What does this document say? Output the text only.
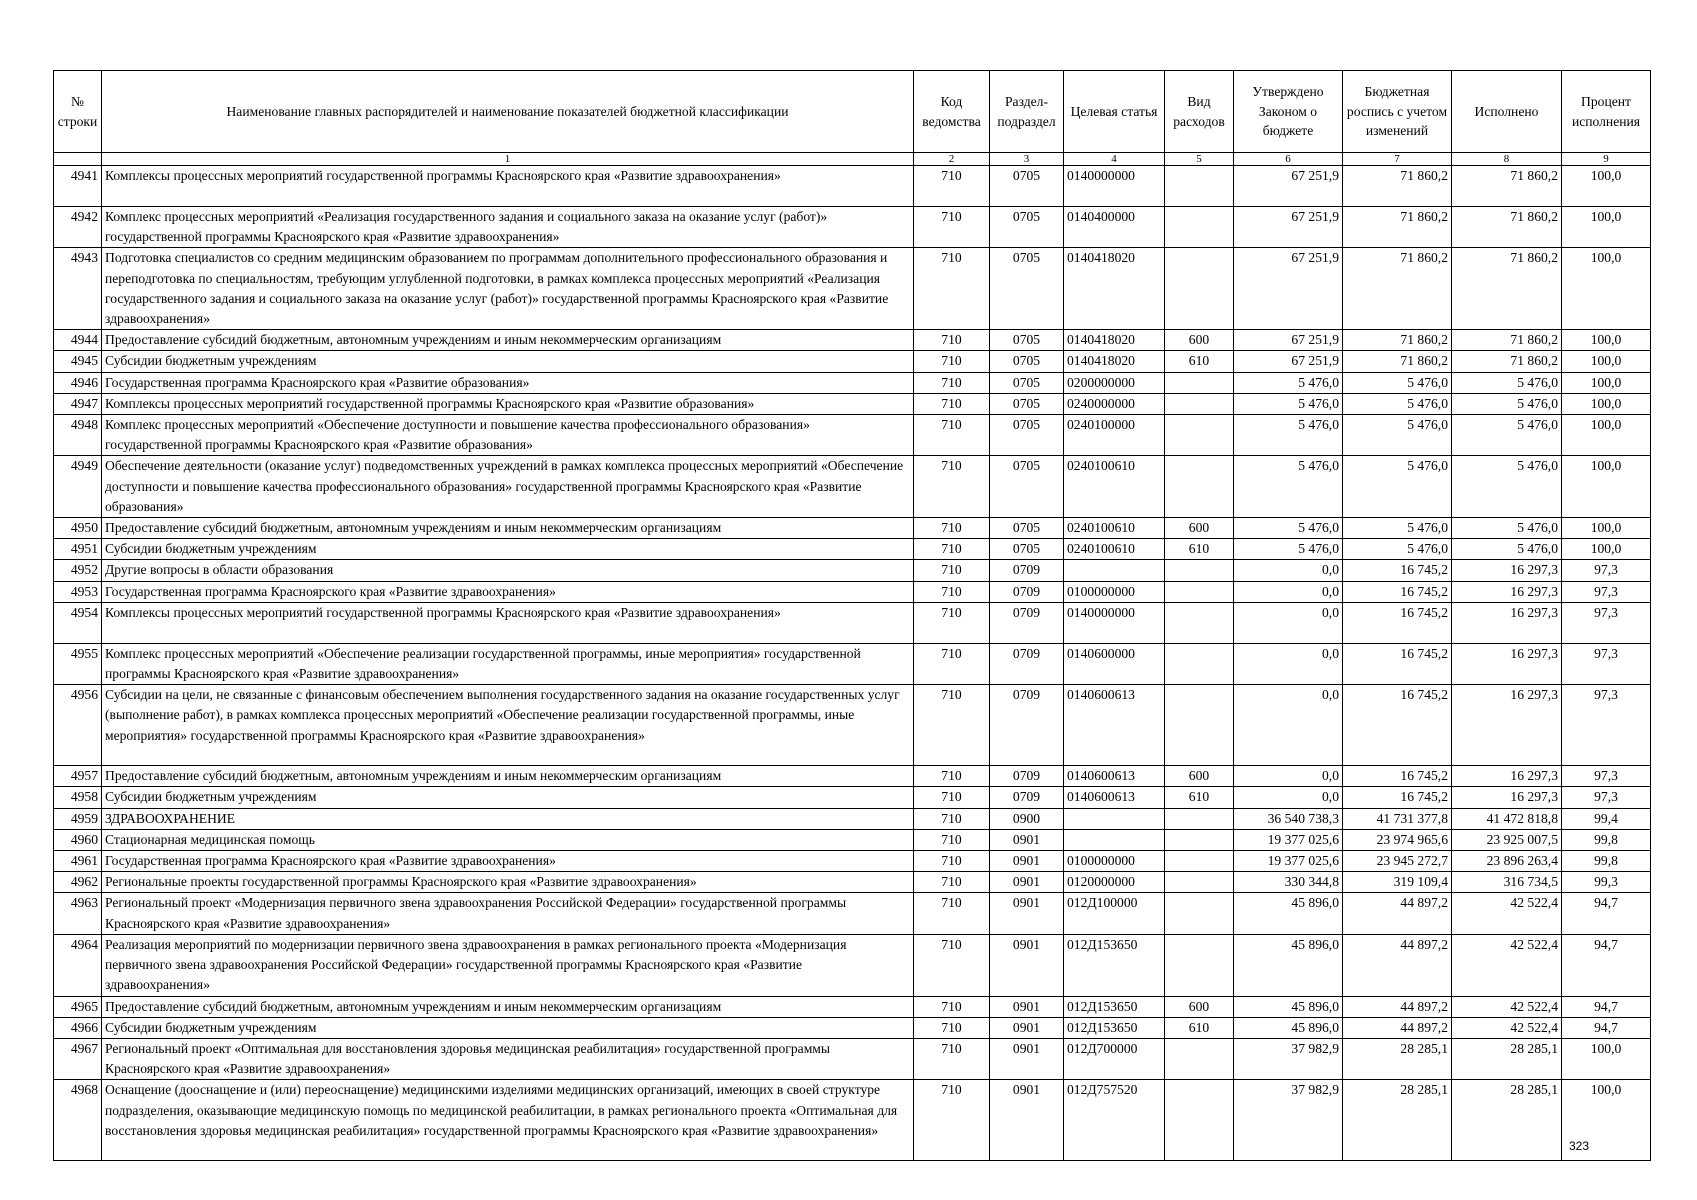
№ строки	Наименование главных распорядителей и наименование показателей бюджетной классификации	Код ведомства	Раздел-подраздел	Целевая статья	Вид расходов	Утверждено Законом о бюджете	Бюджетная роспись с учетом изменений	Исполнено	Процент исполнения
	1	2	3	4	5	6	7	8	9
4941	Комплексы процессных мероприятий государственной программы Красноярского края «Развитие здравоохранения»	710	0705	0140000000		67 251,9	71 860,2	71 860,2	100,0
4942	Комплекс процессных мероприятий «Реализация государственного задания и социального заказа на оказание услуг (работ)» государственной программы Красноярского края «Развитие здравоохранения»	710	0705	0140400000		67 251,9	71 860,2	71 860,2	100,0
4943	Подготовка специалистов со средним медицинским образованием по программам дополнительного профессионального образования и переподготовка по специальностям, требующим углубленной подготовки, в рамках комплекса процессных мероприятий «Реализация государственного задания и социального заказа на оказание услуг (работ)» государственной программы Красноярского края «Развитие здравоохранения»	710	0705	0140418020		67 251,9	71 860,2	71 860,2	100,0
4944	Предоставление субсидий бюджетным, автономным учреждениям и иным некоммерческим организациям	710	0705	0140418020	600	67 251,9	71 860,2	71 860,2	100,0
4945	Субсидии бюджетным учреждениям	710	0705	0140418020	610	67 251,9	71 860,2	71 860,2	100,0
4946	Государственная программа Красноярского края «Развитие образования»	710	0705	0200000000		5 476,0	5 476,0	5 476,0	100,0
4947	Комплексы процессных мероприятий государственной программы Красноярского края «Развитие образования»	710	0705	0240000000		5 476,0	5 476,0	5 476,0	100,0
4948	Комплекс процессных мероприятий «Обеспечение доступности и повышение качества профессионального образования» государственной программы Красноярского края «Развитие образования»	710	0705	0240100000		5 476,0	5 476,0	5 476,0	100,0
4949	Обеспечение деятельности (оказание услуг) подведомственных учреждений в рамках комплекса процессных мероприятий «Обеспечение доступности и повышение качества профессионального образования» государственной программы Красноярского края «Развитие образования»	710	0705	0240100610		5 476,0	5 476,0	5 476,0	100,0
4950	Предоставление субсидий бюджетным, автономным учреждениям и иным некоммерческим организациям	710	0705	0240100610	600	5 476,0	5 476,0	5 476,0	100,0
4951	Субсидии бюджетным учреждениям	710	0705	0240100610	610	5 476,0	5 476,0	5 476,0	100,0
4952	Другие вопросы в области образования	710	0709			0,0	16 745,2	16 297,3	97,3
4953	Государственная программа Красноярского края «Развитие здравоохранения»	710	0709	0100000000		0,0	16 745,2	16 297,3	97,3
4954	Комплексы процессных мероприятий государственной программы Красноярского края «Развитие здравоохранения»	710	0709	0140000000		0,0	16 745,2	16 297,3	97,3
4955	Комплекс процессных мероприятий «Обеспечение реализации государственной программы, иные мероприятия» государственной программы Красноярского края «Развитие здравоохранения»	710	0709	0140600000		0,0	16 745,2	16 297,3	97,3
4956	Субсидии на цели, не связанные с финансовым обеспечением выполнения государственного задания на оказание государственных услуг (выполнение работ), в рамках комплекса процессных мероприятий «Обеспечение реализации государственной программы, иные мероприятия» государственной программы Красноярского края «Развитие здравоохранения»	710	0709	0140600613		0,0	16 745,2	16 297,3	97,3
4957	Предоставление субсидий бюджетным, автономным учреждениям и иным некоммерческим организациям	710	0709	0140600613	600	0,0	16 745,2	16 297,3	97,3
4958	Субсидии бюджетным учреждениям	710	0709	0140600613	610	0,0	16 745,2	16 297,3	97,3
4959	ЗДРАВООХРАНЕНИЕ	710	0900			36 540 738,3	41 731 377,8	41 472 818,8	99,4
4960	Стационарная медицинская помощь	710	0901			19 377 025,6	23 974 965,6	23 925 007,5	99,8
4961	Государственная программа Красноярского края «Развитие здравоохранения»	710	0901	0100000000		19 377 025,6	23 945 272,7	23 896 263,4	99,8
4962	Региональные проекты государственной программы Красноярского края «Развитие здравоохранения»	710	0901	0120000000		330 344,8	319 109,4	316 734,5	99,3
4963	Региональный проект «Модернизация первичного звена здравоохранения Российской Федерации» государственной программы Красноярского края «Развитие здравоохранения»	710	0901	012Д100000		45 896,0	44 897,2	42 522,4	94,7
4964	Реализация мероприятий по модернизации первичного звена здравоохранения в рамках регионального проекта «Модернизация первичного звена здравоохранения Российской Федерации» государственной программы Красноярского края «Развитие здравоохранения»	710	0901	012Д153650		45 896,0	44 897,2	42 522,4	94,7
4965	Предоставление субсидий бюджетным, автономным учреждениям и иным некоммерческим организациям	710	0901	012Д153650	600	45 896,0	44 897,2	42 522,4	94,7
4966	Субсидии бюджетным учреждениям	710	0901	012Д153650	610	45 896,0	44 897,2	42 522,4	94,7
4967	Региональный проект «Оптимальная для восстановления здоровья медицинская реабилитация» государственной программы Красноярского края «Развитие здравоохранения»	710	0901	012Д700000		37 982,9	28 285,1	28 285,1	100,0
4968	Оснащение (дооснащение и (или) переоснащение) медицинскими изделиями медицинских организаций, имеющих в своей структуре подразделения, оказывающие медицинскую помощь по медицинской реабилитации, в рамках регионального проекта «Оптимальная для восстановления здоровья медицинская реабилитация» государственной программы Красноярского края «Развитие здравоохранения»	710	0901	012Д757520		37 982,9	28 285,1	28 285,1	100,0
323
